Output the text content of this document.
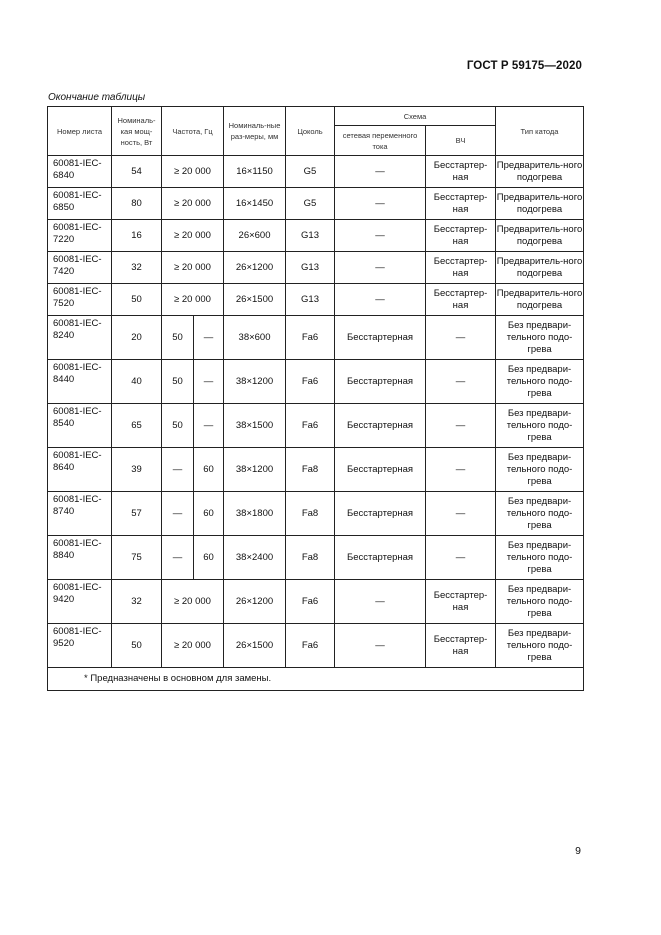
ГОСТ Р 59175—2020
Окончание таблицы
Номер листа	Номиналь-кая мощ-ность, Вт	Частота, Гц		Номиналь-ные раз-меры, мм	Цоколь	Схема		Тип катода
						сетевая переменного тока	ВЧ	
60081-IEC-6840	54	≥ 20 000		16×1150	G5	—	Бесстартер-ная	Предваритель-ного подогрева
60081-IEC-6850	80	≥ 20 000		16×1450	G5	—	Бесстартер-ная	Предваритель-ного подогрева
60081-IEC-7220	16	≥ 20 000		26×600	G13	—	Бесстартер-ная	Предваритель-ного подогрева
60081-IEC-7420	32	≥ 20 000		26×1200	G13	—	Бесстартер-ная	Предваритель-ного подогрева
60081-IEC-7520	50	≥ 20 000		26×1500	G13	—	Бесстартер-ная	Предваритель-ного подогрева
60081-IEC-8240	20	50	—	38×600	Fa6	Бесстартерная	—	Без предвари-тельного подо-грева
60081-IEC-8440	40	50	—	38×1200	Fa6	Бесстартерная	—	Без предвари-тельного подо-грева
60081-IEC-8540	65	50	—	38×1500	Fa6	Бесстартерная	—	Без предвари-тельного подо-грева
60081-IEC-8640	39	—	60	38×1200	Fa8	Бесстартерная	—	Без предвари-тельного подо-грева
60081-IEC-8740	57	—	60	38×1800	Fa8	Бесстартерная	—	Без предвари-тельного подо-грева
60081-IEC-8840	75	—	60	38×2400	Fa8	Бесстартерная	—	Без предвари-тельного подо-грева
60081-IEC-9420	32	≥ 20 000		26×1200	Fa6	—	Бесстартер-ная	Без предвари-тельного подо-грева
60081-IEC-9520	50	≥ 20 000		26×1500	Fa6	—	Бесстартер-ная	Без предвари-тельного подо-грева
* Предназначены в основном для замены.								
9
